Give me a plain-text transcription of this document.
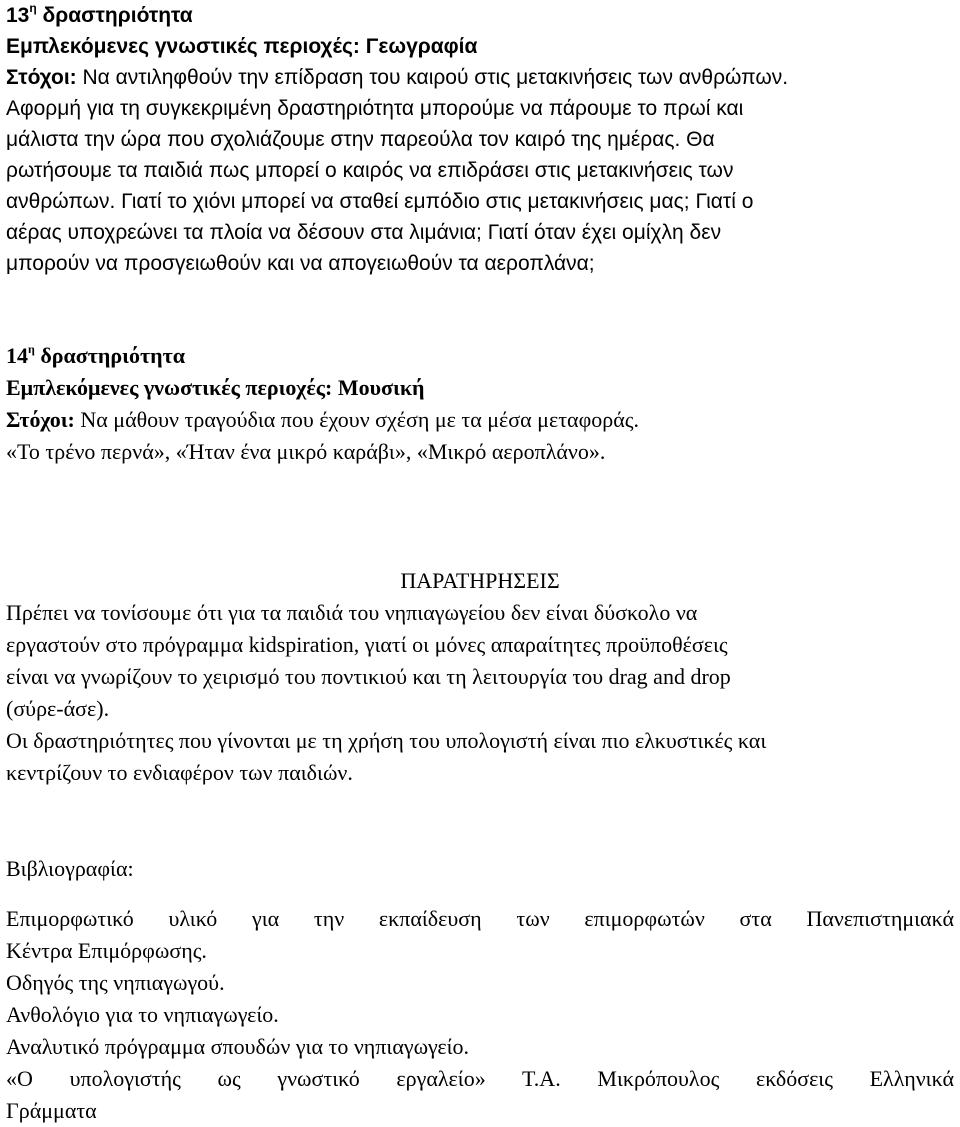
$13^\eta$ δραστηριότητα
Εμπλεκόμενες γνωστικές περιοχές: Γεωγραφία
Στόχοι: Να αντιληφθούν την επίδραση του καιρού στις μετακινήσεις των ανθρώπων.
Αφορμή για τη συγκεκριμένη δραστηριότητα μπορούμε να πάρουμε το πρωί και
μάλιστα την ώρα που σχολιάζουμε στην παρεούλα τον καιρό της ημέρας. Θα
ρωτήσουμε τα παιδιά πως μπορεί ο καιρός να επιδράσει στις μετακινήσεις των
ανθρώπων. Γιατί το χιόνι μπορεί να σταθεί εμπόδιο στις μετακινήσεις μας; Γιατί ο
αέρας υποχρεώνει τα πλοία να δέσουν στα λιμάνια; Γιατί όταν έχει ομίχλη δεν
μπορούν να προσγειωθούν και να απογειωθούν τα αεροπλάνα;
$14^\eta$ δραστηριότητα
Εμπλεκόμενες γνωστικές περιοχές: Μουσική
Στόχοι: Να μάθουν τραγούδια που έχουν σχέση με τα μέσα μεταφοράς.
«Το τρένο περνά», «Ήταν ένα μικρό καράβι», «Μικρό αεροπλάνο».
ΠΑΡΑΤΗΡΗΣΕΙΣ
Πρέπει να τονίσουμε ότι για τα παιδιά του νηπιαγωγείου δεν είναι δύσκολο να
εργαστούν στο πρόγραμμα kidspiration, γιατί οι μόνες απαραίτητες προϋποθέσεις
είναι να γνωρίζουν το χειρισμό του ποντικιού και τη λειτουργία του drag and drop
(σύρε-άσε).
Οι δραστηριότητες που γίνονται με τη χρήση του υπολογιστή είναι πιο ελκυστικές και
κεντρίζουν το ενδιαφέρον των παιδιών.
Βιβλιογραφία:
Επιμορφωτικό υλικό για την εκπαίδευση των επιμορφωτών στα Πανεπιστημιακά
Κέντρα Επιμόρφωσης.
Οδηγός της νηπιαγωγού.
Ανθολόγιο για το νηπιαγωγείο.
Αναλυτικό πρόγραμμα σπουδών για το νηπιαγωγείο.
«Ο υπολογιστής ως γνωστικό εργαλείο» Τ.Α. Μικρόπουλος εκδόσεις Ελληνικά
Γράμματα
